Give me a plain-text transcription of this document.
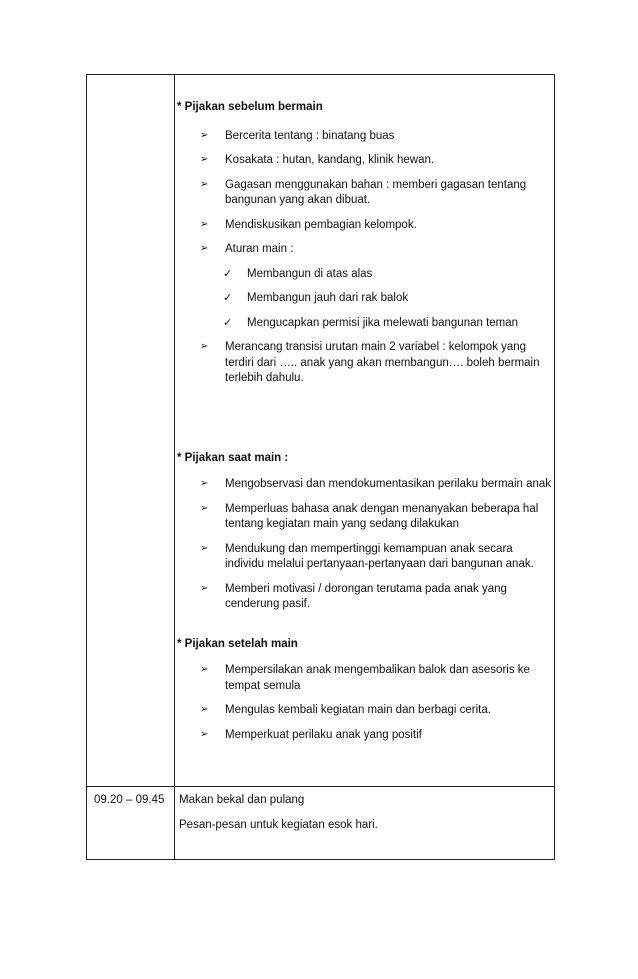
* Pijakan sebelum bermain

➢ Bercerita tentang : binatang buas
➢ Kosakata : hutan, kandang, klinik hewan.
➢ Gagasan menggunakan bahan : memberi gagasan tentang bangunan yang akan dibuat.
➢ Mendiskusikan pembagian kelompok.
➢ Aturan main :
✓ Membangun di atas alas
✓ Membangun jauh dari rak balok
✓ Mengucapkan permisi jika melewati bangunan teman
➢ Merancang transisi urutan main 2 variabel : kelompok yang terdiri dari ….. anak yang akan membangun…. boleh bermain terlebih dahulu.

* Pijakan saat main :

➢ Mengobservasi dan mendokumentasikan perilaku bermain anak
➢ Memperluas bahasa anak dengan menanyakan beberapa hal tentang kegiatan main yang sedang dilakukan
➢ Mendukung dan mempertinggi kemampuan anak secara individu melalui pertanyaan-pertanyaan dari bangunan anak.
➢ Memberi motivasi / dorongan terutama pada anak yang cenderung pasif.

* Pijakan setelah main

➢ Mempersilakan anak mengembalikan balok dan asesoris ke tempat semula
➢ Mengulas kembali kegiatan main dan berbagi cerita.
➢ Memperkuat perilaku anak yang positif
09.20 – 09.45	Makan bekal dan pulang

Pesan-pesan untuk kegiatan esok hari.
